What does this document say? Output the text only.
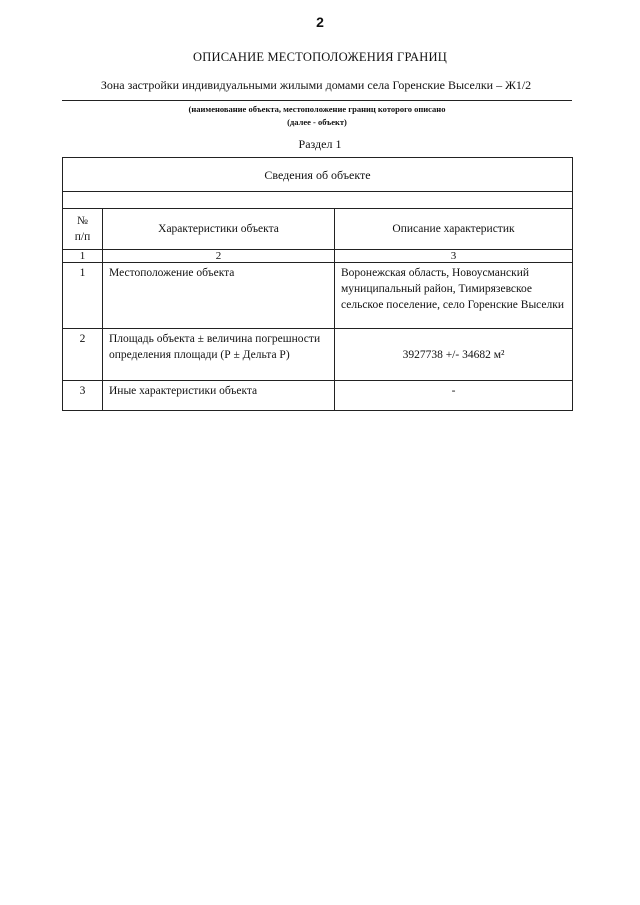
2
ОПИСАНИЕ МЕСТОПОЛОЖЕНИЯ ГРАНИЦ
Зона застройки индивидуальными жилыми домами села Горенские Выселки – Ж1/2
(наименование объекта, местоположение границ которого описано
(далее - объект)
Раздел 1
Сведения об объекте		

№
п/п	Характеристики объекта	Описание характеристик
1	2	3
1	Местоположение объекта	Воронежская область, Новоусманский муниципальный район, Тимирязевское сельское поселение, село Горенские Выселки
2	Площадь объекта ± величина погрешности определения площади (Р ± Дельта Р)	3927738 +/- 34682 м²
3	Иные характеристики объекта	-
